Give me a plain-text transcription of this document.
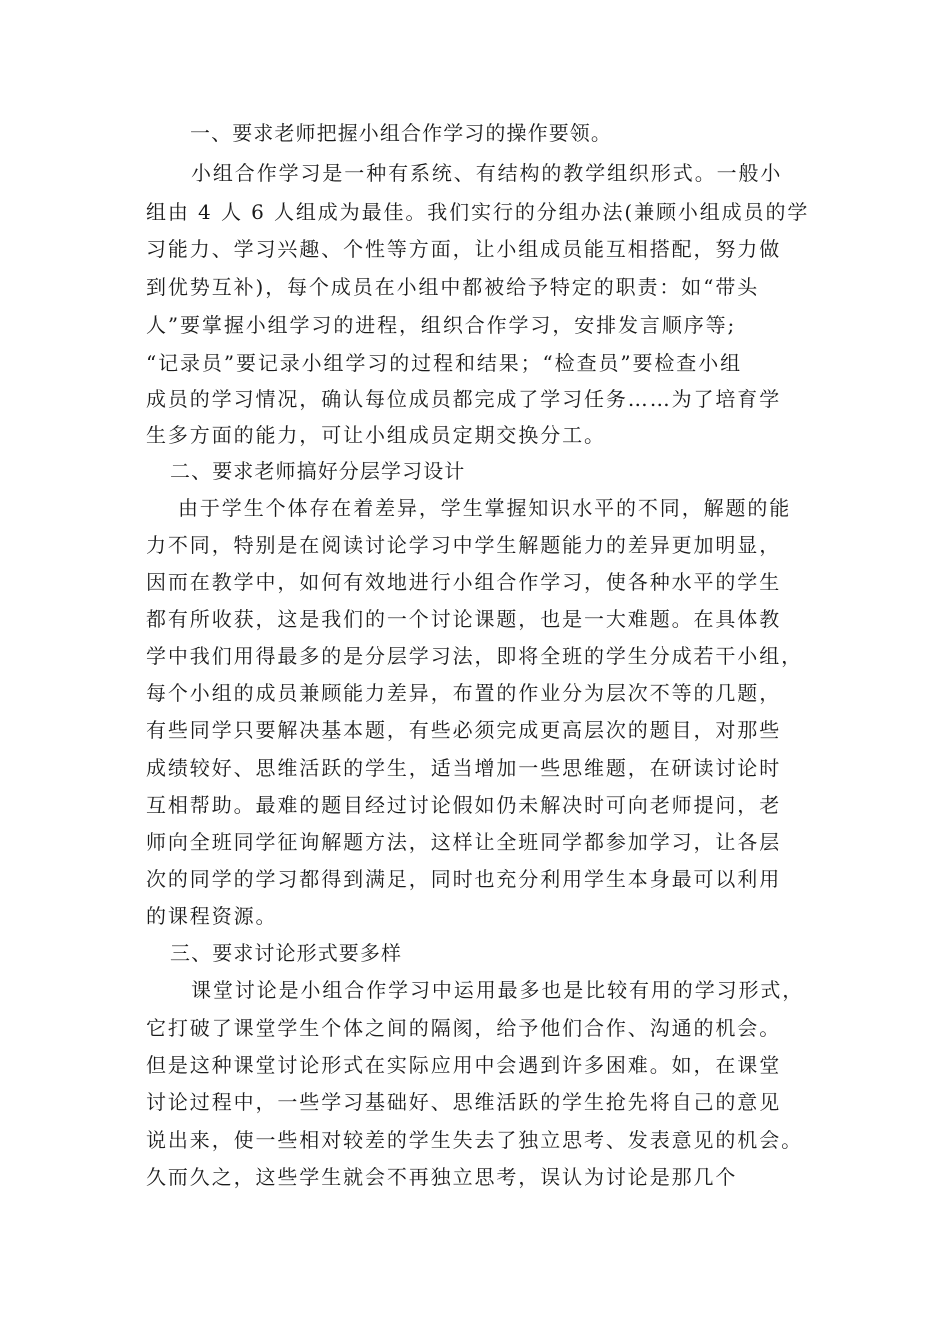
一、要求老师把握小组合作学习的操作要领。
小组合作学习是一种有系统、有结构的教学组织形式。一般小
组由 4 人 6 人组成为最佳。我们实行的分组办法(兼顾小组成员的学
习能力、学习兴趣、个性等方面，让小组成员能互相搭配，努力做
到优势互补)，每个成员在小组中都被给予特定的职责：如“带头
人”要掌握小组学习的进程，组织合作学习，安排发言顺序等;
“记录员”要记录小组学习的过程和结果；“检查员”要检查小组
成员的学习情况，确认每位成员都完成了学习任务……为了培育学
生多方面的能力，可让小组成员定期交换分工。
二、要求老师搞好分层学习设计
由于学生个体存在着差异，学生掌握知识水平的不同，解题的能
力不同，特别是在阅读讨论学习中学生解题能力的差异更加明显，
因而在教学中，如何有效地进行小组合作学习，使各种水平的学生
都有所收获，这是我们的一个讨论课题，也是一大难题。在具体教
学中我们用得最多的是分层学习法，即将全班的学生分成若干小组，
每个小组的成员兼顾能力差异，布置的作业分为层次不等的几题，
有些同学只要解决基本题，有些必须完成更高层次的题目，对那些
成绩较好、思维活跃的学生，适当增加一些思维题，在研读讨论时
互相帮助。最难的题目经过讨论假如仍未解决时可向老师提问，老
师向全班同学征询解题方法，这样让全班同学都参加学习，让各层
次的同学的学习都得到满足，同时也充分利用学生本身最可以利用
的课程资源。
三、要求讨论形式要多样
课堂讨论是小组合作学习中运用最多也是比较有用的学习形式，
它打破了课堂学生个体之间的隔阂，给予他们合作、沟通的机会。
但是这种课堂讨论形式在实际应用中会遇到许多困难。如，在课堂
讨论过程中，一些学习基础好、思维活跃的学生抢先将自己的意见
说出来，使一些相对较差的学生失去了独立思考、发表意见的机会。
久而久之，这些学生就会不再独立思考，误认为讨论是那几个
